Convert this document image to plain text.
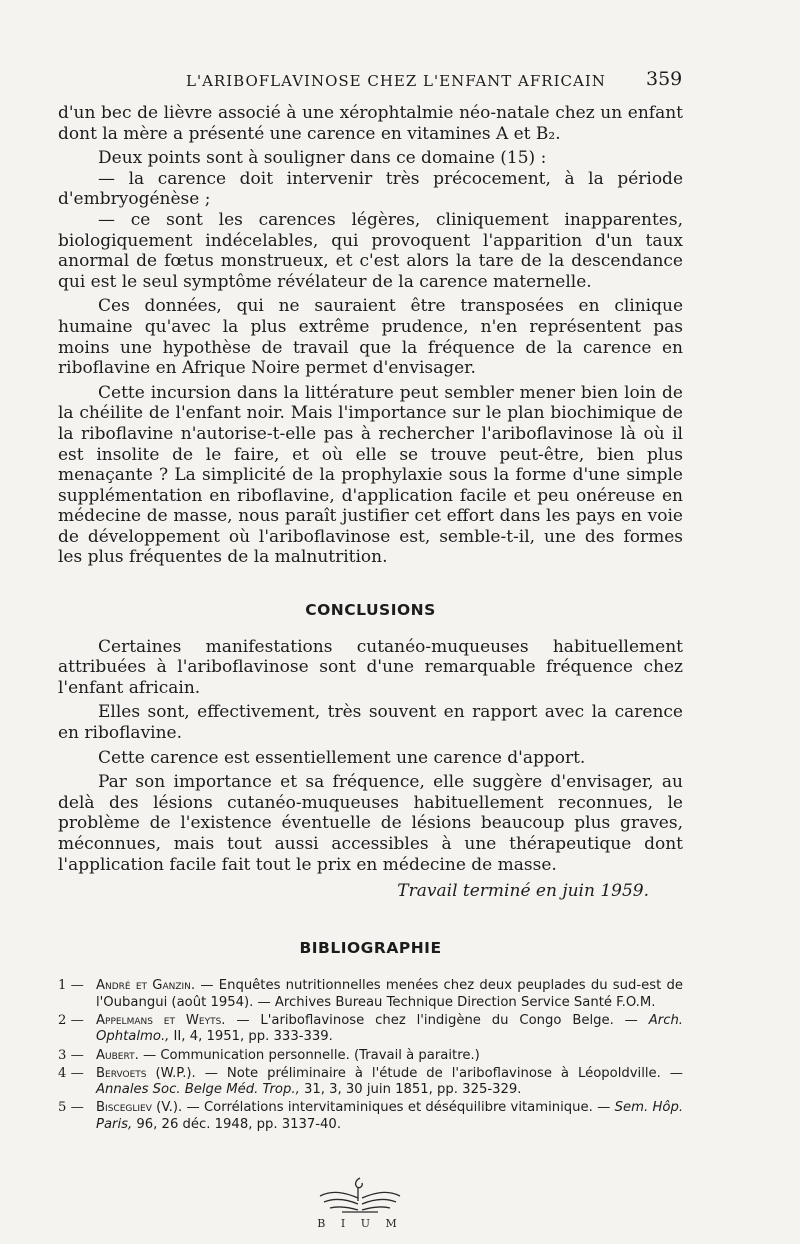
L'ARIBOFLAVINOSE CHEZ L'ENFANT AFRICAIN 359

d'un bec de lièvre associé à une xérophtalmie néo-natale chez un enfant dont la mère a présenté une carence en vitamines A et B₂.

Deux points sont à souligner dans ce domaine (15) :

— la carence doit intervenir très précocement, à la période d'embryogénèse ;

— ce sont les carences légères, cliniquement inapparentes, biologiquement indécelables, qui provoquent l'apparition d'un taux anormal de fœtus monstrueux, et c'est alors la tare de la descendance qui est le seul symptôme révélateur de la carence maternelle.

Ces données, qui ne sauraient être transposées en clinique humaine qu'avec la plus extrême prudence, n'en représentent pas moins une hypothèse de travail que la fréquence de la carence en riboflavine en Afrique Noire permet d'envisager.

Cette incursion dans la littérature peut sembler mener bien loin de la chéilite de l'enfant noir. Mais l'importance sur le plan biochimique de la riboflavine n'autorise-t-elle pas à rechercher l'ariboflavinose là où il est insolite de le faire, et où elle se trouve peut-être, bien plus menaçante ? La simplicité de la prophylaxie sous la forme d'une simple supplémentation en riboflavine, d'application facile et peu onéreuse en médecine de masse, nous paraît justifier cet effort dans les pays en voie de développement où l'ariboflavinose est, semble-t-il, une des formes les plus fréquentes de la malnutrition.

CONCLUSIONS

Certaines manifestations cutanéo-muqueuses habituellement attribuées à l'ariboflavinose sont d'une remarquable fréquence chez l'enfant africain.

Elles sont, effectivement, très souvent en rapport avec la carence en riboflavine.

Cette carence est essentiellement une carence d'apport.

Par son importance et sa fréquence, elle suggère d'envisager, au delà des lésions cutanéo-muqueuses habituellement reconnues, le problème de l'existence éventuelle de lésions beaucoup plus graves, méconnues, mais tout aussi accessibles à une thérapeutique dont l'application facile fait tout le prix en médecine de masse.

Travail terminé en juin 1959.

BIBLIOGRAPHIE
1 — André et Ganzin. — Enquêtes nutritionnelles menées chez deux peuplades du sud-est de l'Oubangui (août 1954). — Archives Bureau Technique Direction Service Santé F.O.M.
2 — Appelmans et Weyts. — L'ariboflavinose chez l'indigène du Congo Belge. — Arch. Ophtalmo., II, 4, 1951, pp. 333-339.
3 — Aubert. — Communication personnelle. (Travail à paraitre.)
4 — Bervoets (W.P.). — Note préliminaire à l'étude de l'ariboflavinose à Léopoldville. — Annales Soc. Belge Méd. Trop., 31, 3, 30 juin 1851, pp. 325-329.
5 — Biscegliev (V.). — Corrélations intervitaminiques et déséquilibre vitaminique. — Sem. Hôp. Paris, 96, 26 déc. 1948, pp. 3137-40.
B I U M
